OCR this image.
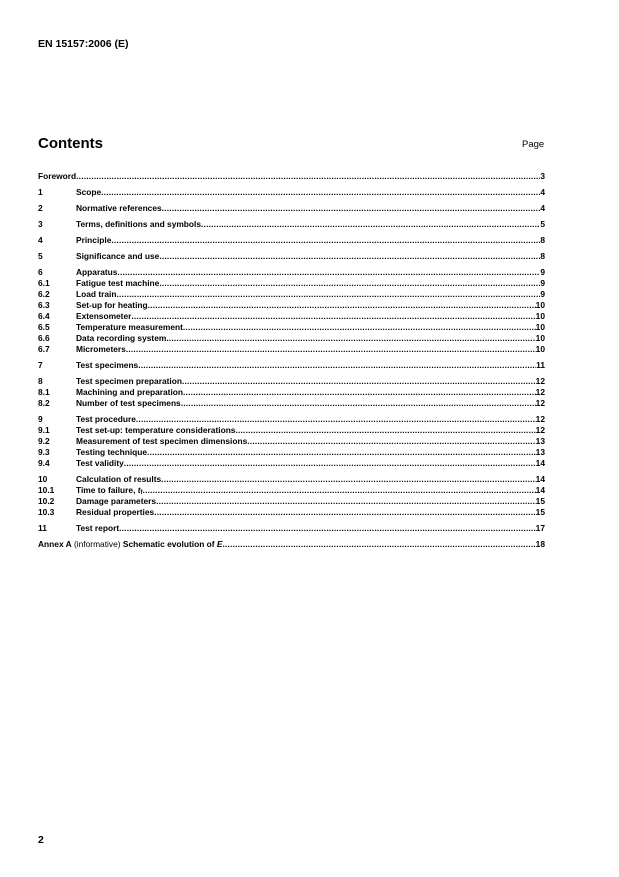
EN 15157:2006 (E)
Contents	Page
Foreword .....	3
1	Scope .....	4
2	Normative references .....	4
3	Terms, definitions and symbols .....	5
4	Principle .....	8
5	Significance and use .....	8
6	Apparatus .....	9
6.1	Fatigue test machine .....	9
6.2	Load train .....	9
6.3	Set-up for heating .....	10
6.4	Extensometer .....	10
6.5	Temperature measurement .....	10
6.6	Data recording system .....	10
6.7	Micrometers .....	10
7	Test specimens .....	11
8	Test specimen preparation .....	12
8.1	Machining and preparation .....	12
8.2	Number of test specimens .....	12
9	Test procedure .....	12
9.1	Test set-up: temperature considerations .....	12
9.2	Measurement of test specimen dimensions .....	13
9.3	Testing technique .....	13
9.4	Test validity .....	14
10	Calculation of results .....	14
10.1	Time to failure, tf .....	14
10.2	Damage parameters .....	15
10.3	Residual properties .....	15
11	Test report .....	17
Annex A (informative) Schematic evolution of E .....	18
2
